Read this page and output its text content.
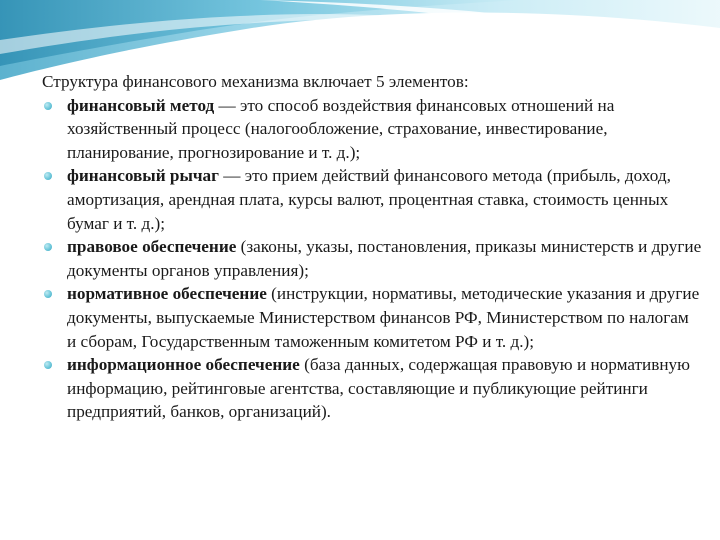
Структура финансового механизма включает 5 элементов:

финансовый метод — это способ воздействия финансовых отношений на хозяйственный процесс (налогообложение, страхование, инвестирование, планирование, прогнозирование и т. д.);
финансовый рычаг — это прием действий финансового метода (прибыль, доход, амортизация, арендная плата, курсы валют, процентная ставка, стоимость ценных бумаг и т. д.);
правовое обеспечение (законы, указы, постановления, приказы министерств и другие документы органов управления);
нормативное обеспечение (инструкции, нормативы, методические указания и другие документы, выпускаемые Министерством финансов РФ, Министерством по налогам и сборам, Государственным таможенным комитетом РФ и т. д.);
информационное обеспечение (база данных, содержащая правовую и нормативную информацию, рейтинговые агентства, составляющие и публикующие рейтинги предприятий, банков, организаций).
